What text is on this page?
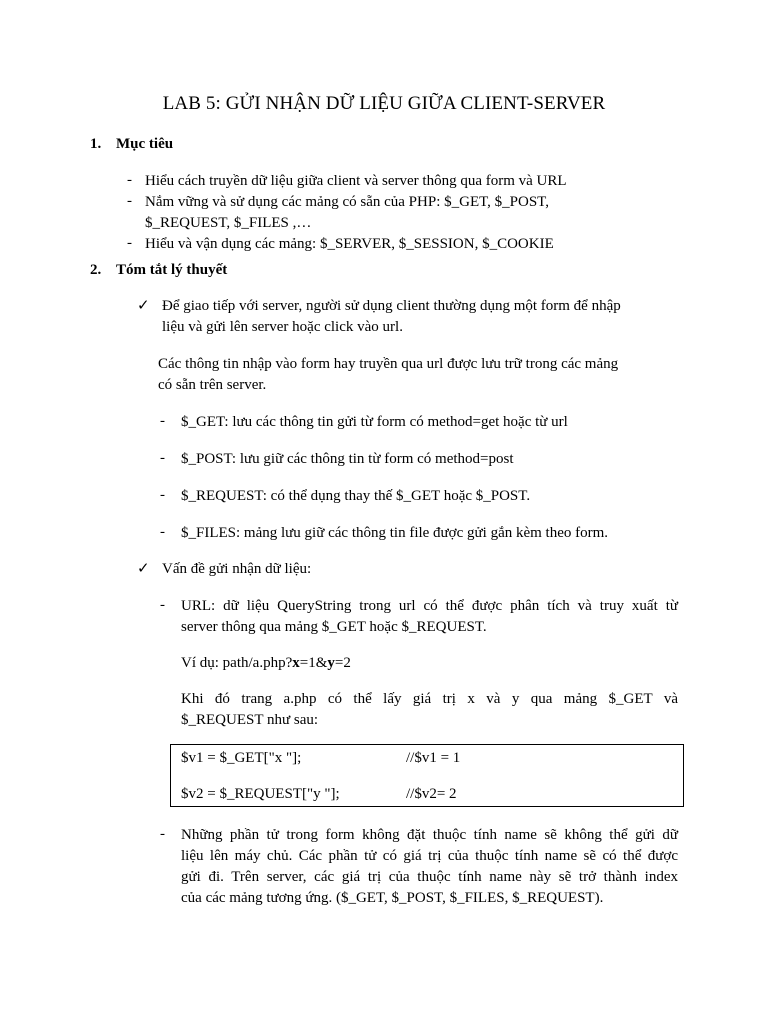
LAB 5: GỬI NHẬN DỮ LIỆU GIỮA CLIENT-SERVER
1. Mục tiêu
- Hiểu cách truyền dữ liệu giữa client và server thông qua form và URL
- Nắm vững và sử dụng các mảng có sẵn của PHP: $_GET, $_POST,
$_REQUEST, $_FILES ,…
- Hiểu và vận dụng các mảng: $_SERVER, $_SESSION, $_COOKIE
2. Tóm tắt lý thuyết
✓ Để giao tiếp với server, người sử dụng client thường dụng một form để nhập
liệu và gửi lên server hoặc click vào url.
Các thông tin nhập vào form hay truyền qua url được lưu trữ trong các mảng
có sẵn trên server.
- $_GET: lưu các thông tin gửi từ form có method=get hoặc từ url
- $_POST: lưu giữ các thông tin từ form có method=post
- $_REQUEST: có thể dụng thay thế $_GET hoặc $_POST.
- $_FILES: mảng lưu giữ các thông tin file được gửi gắn kèm theo form.
✓ Vấn đề gửi nhận dữ liệu:
- URL: dữ liệu QueryString trong url có thể được phân tích và truy xuất từ
server thông qua mảng $_GET hoặc $_REQUEST.
Ví dụ: path/a.php?x=1&y=2
Khi đó trang a.php có thể lấy giá trị x và y qua mảng $_GET và
$_REQUEST như sau:
$v1 = $_GET["x "];	//$v1 = 1
$v2 = $_REQUEST["y "];	//$v2= 2
- Những phần tử trong form không đặt thuộc tính name sẽ không thể gửi dữ
liệu lên máy chủ. Các phần tử có giá trị của thuộc tính name sẽ có thể được
gửi đi. Trên server, các giá trị của thuộc tính name này sẽ trở thành index
của các mảng tương ứng. ($_GET, $_POST, $_FILES, $_REQUEST).
